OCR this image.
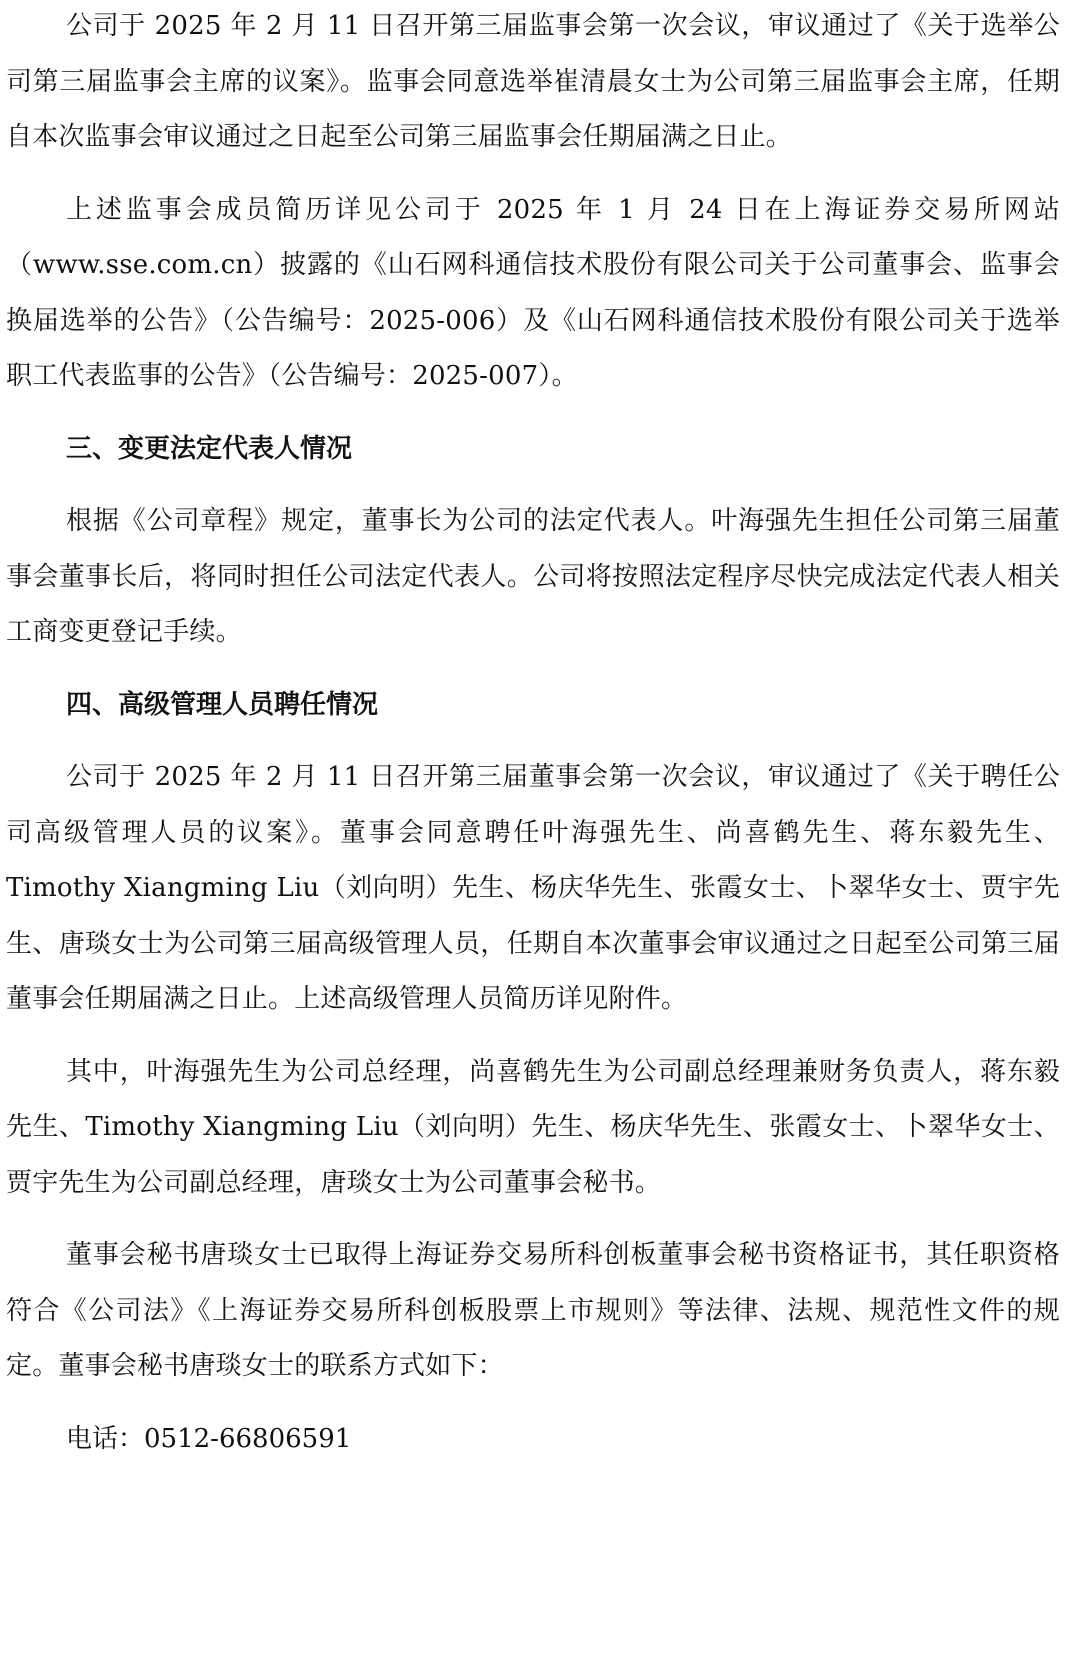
公司于 2025 年 2 月 11 日召开第三届监事会第一次会议，审议通过了《关于选举公司第三届监事会主席的议案》。监事会同意选举崔清晨女士为公司第三届监事会主席，任期自本次监事会审议通过之日起至公司第三届监事会任期届满之日止。

上述监事会成员简历详见公司于 2025 年 1 月 24 日在上海证券交易所网站（www.sse.com.cn）披露的《山石网科通信技术股份有限公司关于公司董事会、监事会换届选举的公告》（公告编号：2025-006）及《山石网科通信技术股份有限公司关于选举职工代表监事的公告》（公告编号：2025-007）。

三、变更法定代表人情况

根据《公司章程》规定，董事长为公司的法定代表人。叶海强先生担任公司第三届董事会董事长后，将同时担任公司法定代表人。公司将按照法定程序尽快完成法定代表人相关工商变更登记手续。

四、高级管理人员聘任情况

公司于 2025 年 2 月 11 日召开第三届董事会第一次会议，审议通过了《关于聘任公司高级管理人员的议案》。董事会同意聘任叶海强先生、尚喜鹤先生、蒋东毅先生、Timothy Xiangming Liu（刘向明）先生、杨庆华先生、张霞女士、卜翠华女士、贾宇先生、唐琰女士为公司第三届高级管理人员，任期自本次董事会审议通过之日起至公司第三届董事会任期届满之日止。上述高级管理人员简历详见附件。

其中，叶海强先生为公司总经理，尚喜鹤先生为公司副总经理兼财务负责人，蒋东毅先生、Timothy Xiangming Liu（刘向明）先生、杨庆华先生、张霞女士、卜翠华女士、贾宇先生为公司副总经理，唐琰女士为公司董事会秘书。

董事会秘书唐琰女士已取得上海证券交易所科创板董事会秘书资格证书，其任职资格符合《公司法》《上海证券交易所科创板股票上市规则》等法律、法规、规范性文件的规定。董事会秘书唐琰女士的联系方式如下：

电话：0512-66806591
